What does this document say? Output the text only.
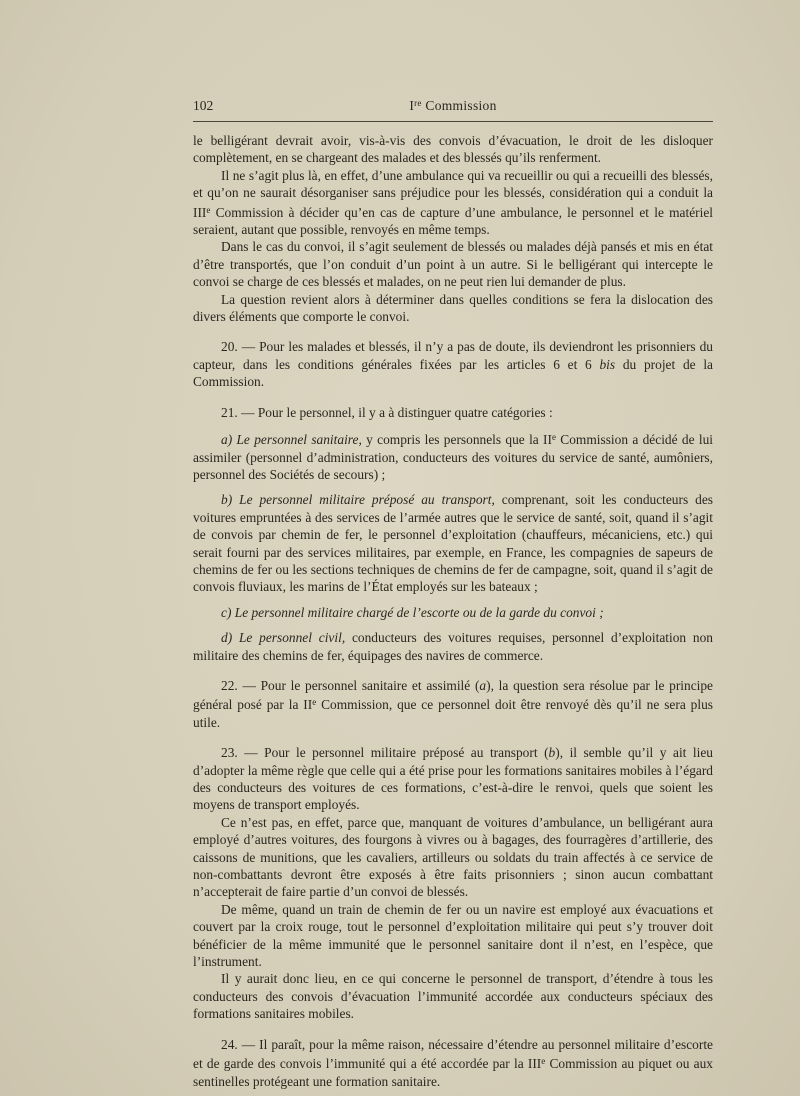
102	Ire Commission

le belligérant devrait avoir, vis-à-vis des convois d’évacuation, le droit de les disloquer complètement, en se chargeant des malades et des blessés qu’ils renferment.

Il ne s’agit plus là, en effet, d’une ambulance qui va recueillir ou qui a recueilli des blessés, et qu’on ne saurait désorganiser sans préjudice pour les blessés, considération qui a conduit la IIIe Commission à décider qu’en cas de capture d’une ambulance, le personnel et le matériel seraient, autant que possible, renvoyés en même temps.

Dans le cas du convoi, il s’agit seulement de blessés ou malades déjà pansés et mis en état d’être transportés, que l’on conduit d’un point à un autre. Si le belligérant qui intercepte le convoi se charge de ces blessés et malades, on ne peut rien lui demander de plus.

La question revient alors à déterminer dans quelles conditions se fera la dislocation des divers éléments que comporte le convoi.

20. — Pour les malades et blessés, il n’y a pas de doute, ils deviendront les prisonniers du capteur, dans les conditions générales fixées par les articles 6 et 6 bis du projet de la Commission.

21. — Pour le personnel, il y a à distinguer quatre catégories :

a) Le personnel sanitaire, y compris les personnels que la IIe Commission a décidé de lui assimiler (personnel d’administration, conducteurs des voitures du service de santé, aumôniers, personnel des Sociétés de secours) ;

b) Le personnel militaire préposé au transport, comprenant, soit les conducteurs des voitures empruntées à des services de l’armée autres que le service de santé, soit, quand il s’agit de convois par chemin de fer, le personnel d’exploitation (chauffeurs, mécaniciens, etc.) qui serait fourni par des services militaires, par exemple, en France, les compagnies de sapeurs de chemins de fer ou les sections techniques de chemins de fer de campagne, soit, quand il s’agit de convois fluviaux, les marins de l’État employés sur les bateaux ;

c) Le personnel militaire chargé de l’escorte ou de la garde du convoi ;

d) Le personnel civil, conducteurs des voitures requises, personnel d’exploitation non militaire des chemins de fer, équipages des navires de commerce.

22. — Pour le personnel sanitaire et assimilé (a), la question sera résolue par le principe général posé par la IIe Commission, que ce personnel doit être renvoyé dès qu’il ne sera plus utile.

23. — Pour le personnel militaire préposé au transport (b), il semble qu’il y ait lieu d’adopter la même règle que celle qui a été prise pour les formations sanitaires mobiles à l’égard des conducteurs des voitures de ces formations, c’est-à-dire le renvoi, quels que soient les moyens de transport employés.

Ce n’est pas, en effet, parce que, manquant de voitures d’ambulance, un belligérant aura employé d’autres voitures, des fourgons à vivres ou à bagages, des fourragères d’artillerie, des caissons de munitions, que les cavaliers, artilleurs ou soldats du train affectés à ce service de non-combattants devront être exposés à être faits prisonniers ; sinon aucun combattant n’accepterait de faire partie d’un convoi de blessés.

De même, quand un train de chemin de fer ou un navire est employé aux évacuations et couvert par la croix rouge, tout le personnel d’exploitation militaire qui peut s’y trouver doit bénéficier de la même immunité que le personnel sanitaire dont il n’est, en l’espèce, que l’instrument.

Il y aurait donc lieu, en ce qui concerne le personnel de transport, d’étendre à tous les conducteurs des convois d’évacuation l’immunité accordée aux conducteurs spéciaux des formations sanitaires mobiles.

24. — Il paraît, pour la même raison, nécessaire d’étendre au personnel militaire d’escorte et de garde des convois l’immunité qui a été accordée par la IIIe Commission au piquet ou aux sentinelles protégeant une formation sanitaire.
